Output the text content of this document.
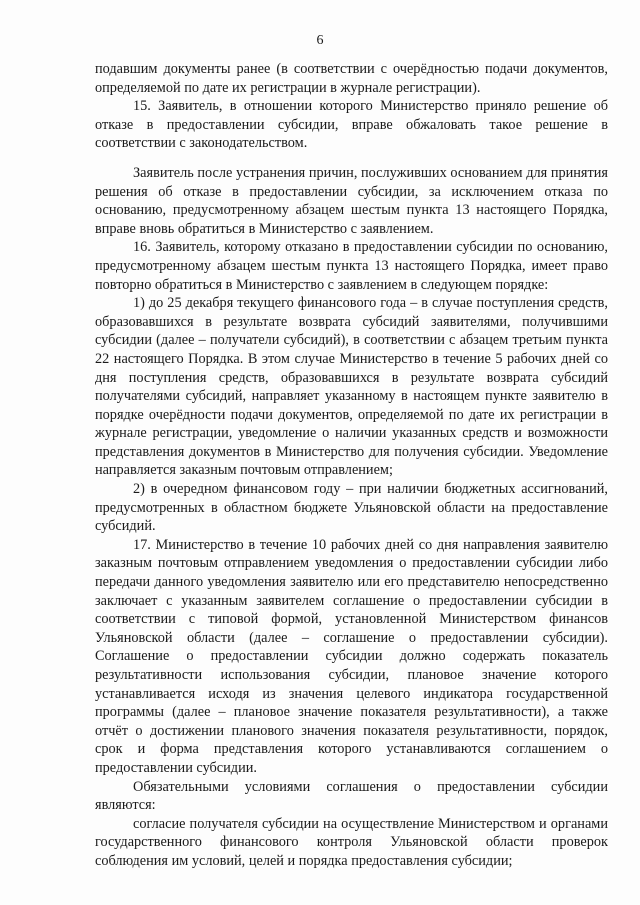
6

подавшим документы ранее (в соответствии с очерёдностью подачи документов, определяемой по дате их регистрации в журнале регистрации).

15. Заявитель, в отношении которого Министерство приняло решение об отказе в предоставлении субсидии, вправе обжаловать такое решение в соответствии с законодательством.

Заявитель после устранения причин, послуживших основанием для принятия решения об отказе в предоставлении субсидии, за исключением отказа по основанию, предусмотренному абзацем шестым пункта 13 настоящего Порядка, вправе вновь обратиться в Министерство с заявлением.

16. Заявитель, которому отказано в предоставлении субсидии по основанию, предусмотренному абзацем шестым пункта 13 настоящего Порядка, имеет право повторно обратиться в Министерство с заявлением в следующем порядке:

1) до 25 декабря текущего финансового года – в случае поступления средств, образовавшихся в результате возврата субсидий заявителями, получившими субсидии (далее – получатели субсидий), в соответствии с абзацем третьим пункта 22 настоящего Порядка. В этом случае Министерство в течение 5 рабочих дней со дня поступления средств, образовавшихся в результате возврата субсидий получателями субсидий, направляет указанному в настоящем пункте заявителю в порядке очерёдности подачи документов, определяемой по дате их регистрации в журнале регистрации, уведомление о наличии указанных средств и возможности представления документов в Министерство для получения субсидии. Уведомление направляется заказным почтовым отправлением;

2) в очередном финансовом году – при наличии бюджетных ассигнований, предусмотренных в областном бюджете Ульяновской области на предоставление субсидий.

17. Министерство в течение 10 рабочих дней со дня направления заявителю заказным почтовым отправлением уведомления о предоставлении субсидии либо передачи данного уведомления заявителю или его представителю непосредственно заключает с указанным заявителем соглашение о предоставлении субсидии в соответствии с типовой формой, установленной Министерством финансов Ульяновской области (далее – соглашение о предоставлении субсидии). Соглашение о предоставлении субсидии должно содержать показатель результативности использования субсидии, плановое значение которого устанавливается исходя из значения целевого индикатора государственной программы (далее – плановое значение показателя результативности), а также отчёт о достижении планового значения показателя результативности, порядок, срок и форма представления которого устанавливаются соглашением о предоставлении субсидии.

Обязательными условиями соглашения о предоставлении субсидии являются:

согласие получателя субсидии на осуществление Министерством и органами государственного финансового контроля Ульяновской области проверок соблюдения им условий, целей и порядка предоставления субсидии;
